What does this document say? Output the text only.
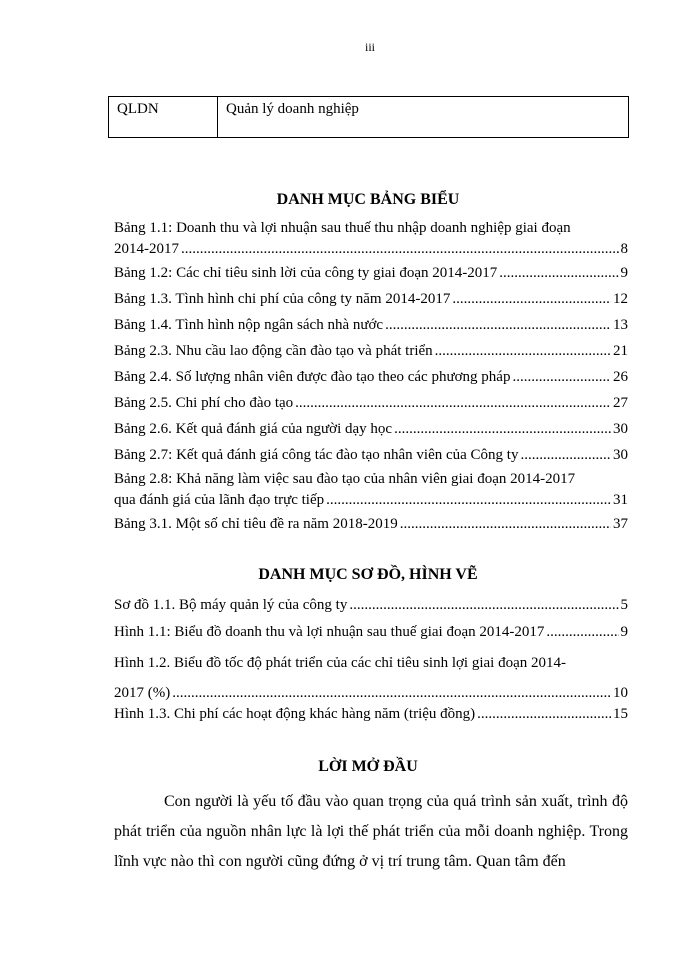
iii
QLDN	Quản lý doanh nghiệp
DANH MỤC BẢNG BIỂU
Bảng 1.1: Doanh thu và lợi nhuận sau thuế thu nhập doanh nghiệp giai đoạn
2014-2017 .....	8
Bảng 1.2: Các chỉ tiêu sinh lời của công ty giai đoạn 2014-2017 .....	9
Bảng 1.3. Tình hình chi phí của công ty năm 2014-2017 .....	12
Bảng 1.4. Tình hình nộp ngân sách nhà nước .....	13
Bảng 2.3. Nhu cầu lao động cần đào tạo và phát triển .....	21
Bảng 2.4. Số lượng nhân viên được đào tạo theo các phương pháp .....	26
Bảng 2.5. Chi phí cho đào tạo .....	27
Bảng 2.6. Kết quả đánh giá của người dạy học .....	30
Bảng 2.7: Kết quả đánh giá công tác đào tạo nhân viên của Công ty .....	30
Bảng 2.8: Khả năng làm việc sau đào tạo của nhân viên giai đoạn 2014-2017
qua đánh giá của lãnh đạo trực tiếp .....	31
Bảng 3.1. Một số chỉ tiêu đề ra năm 2018-2019 .....	37
DANH MỤC SƠ ĐỒ, HÌNH VẼ
Sơ đồ 1.1. Bộ máy quản lý của công ty .....	5
Hình 1.1: Biểu đồ doanh thu và lợi nhuận sau thuế giai đoạn 2014-2017 .....	9
Hình 1.2. Biểu đồ tốc độ phát triển của các chỉ tiêu sinh lợi giai đoạn 2014-
2017 (%) .....	10
Hình 1.3. Chi phí các hoạt động khác hàng năm (triệu đồng) .....	15
LỜI MỞ ĐẦU

Con người là yếu tố đầu vào quan trọng của quá trình sản xuất, trình độ phát triển của nguồn nhân lực là lợi thế phát triển của mỗi doanh nghiệp. Trong lĩnh vực nào thì con người cũng đứng ở vị trí trung tâm. Quan tâm đến
